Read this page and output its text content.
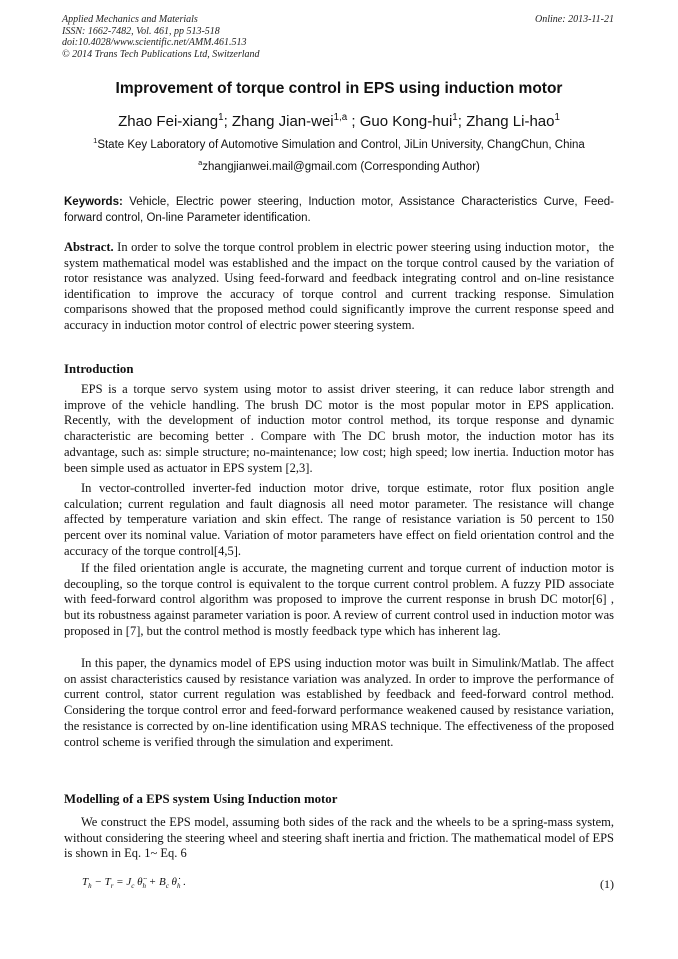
Applied Mechanics and Materials
ISSN: 1662-7482, Vol. 461, pp 513-518
doi:10.4028/www.scientific.net/AMM.461.513
© 2014 Trans Tech Publications Ltd, Switzerland
Online: 2013-11-21
Improvement of torque control in EPS using induction motor
Zhao Fei-xiang$^1$; Zhang Jian-wei$^{1,a}$ ; Guo Kong-hui$^1$; Zhang Li-hao$^1$
$^1$State Key Laboratory of Automotive Simulation and Control, JiLin University, ChangChun, China
$^a$zhangjianwei.mail@gmail.com (Corresponding Author)
Keywords: Vehicle, Electric power steering, Induction motor, Assistance Characteristics Curve, Feed-forward control, On-line Parameter identification.
Abstract. In order to solve the torque control problem in electric power steering using induction motor，the system mathematical model was established and the impact on the torque control caused by the variation of rotor resistance was analyzed. Using feed-forward and feedback integrating control and on-line resistance identification to improve the accuracy of torque control and current tracking response. Simulation comparisons showed that the proposed method could significantly improve the current response speed and accuracy in induction motor control of electric power steering system.
Introduction

EPS is a torque servo system using motor to assist driver steering, it can reduce labor strength and improve of the vehicle handling. The brush DC motor is the most popular motor in EPS application. Recently, with the development of induction motor control method, its torque response and dynamic characteristic are becoming better . Compare with The DC brush motor, the induction motor has its advantage, such as: simple structure; no-maintenance; low cost; high speed; low inertia. Induction motor has been simple used as actuator in EPS system [2,3].

In vector-controlled inverter-fed induction motor drive, torque estimate, rotor flux position angle calculation; current regulation and fault diagnosis all need motor parameter. The resistance will change affected by temperature variation and skin effect. The range of resistance variation is 50 percent to 150 percent over its nominal value. Variation of motor parameters have effect on field orientation control and the accuracy of the torque control[4,5].

If the filed orientation angle is accurate, the magneting current and torque current of induction motor is decoupling, so the torque control is equivalent to the torque current control problem. A fuzzy PID associate with feed-forward control algorithm was proposed to improve the current response in brush DC motor[6] , but its robustness against parameter variation is poor. A review of current control used in induction motor was proposed in [7], but the control method is mostly feedback type which has inherent lag.

In this paper, the dynamics model of EPS using induction motor was built in Simulink/Matlab. The affect on assist characteristics caused by resistance variation was analyzed. In order to improve the performance of current control, stator current regulation was established by feedback and feed-forward control method. Considering the torque control error and feed-forward performance weakened caused by resistance variation, the resistance is corrected by on-line identification using MRAS technique. The effectiveness of the proposed control scheme is verified through the simulation and experiment.

Modelling of a EPS system Using Induction motor

We construct the EPS model, assuming both sides of the rack and the wheels to be a spring-mass system, without considering the steering wheel and steering shaft inertia and friction. The mathematical model of EPS is shown in Eq. 1~ Eq. 6

$T_h - T_r = J_c$ $\thetä_h + B_c$ $\thetȧ_h$ .	(1)
